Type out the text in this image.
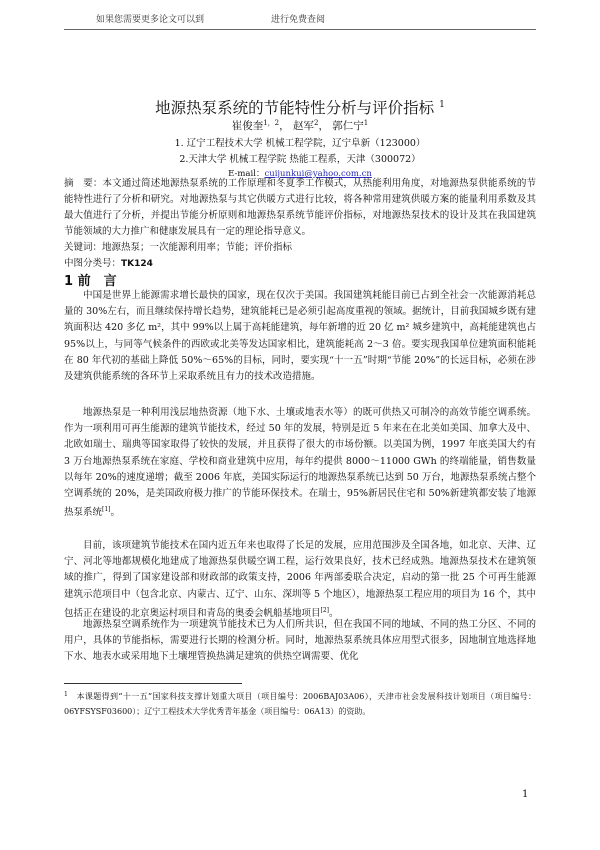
如果您需要更多论文可以到	进行免费查阅
地源热泵系统的节能特性分析与评价指标 $^1$
崔俊奎$^{1,2}$， 赵军$^2$， 郭仁宁$^1$
1. 辽宁工程技术大学 机械工程学院，辽宁阜新（123000）
2.天津大学 机械工程学院 热能工程系，天津（300072）
E-mail：cuijunkui@yahoo.com.cn
摘　要：本文通过简述地源热泵系统的工作原理和冬夏季工作模式，从热能利用角度，对地源热泵供能系统的节能特性进行了分析和研究。对地源热泵与其它供暖方式进行比较，将各种常用建筑供暖方案的能量利用系数及其最大值进行了分析，并提出节能分析原则和地源热泵系统节能评价指标，对地源热泵技术的设计及其在我国建筑节能领域的大力推广和健康发展具有一定的理论指导意义。
关键词：地源热泵；一次能源利用率；节能；评价指标
中图分类号：TK124
1 前　言
中国是世界上能源需求增长最快的国家，现在仅次于美国。我国建筑耗能目前已占到全社会一次能源消耗总量的 30%左右，而且继续保持增长趋势，建筑能耗已是必须引起高度重视的领域。据统计，目前我国城乡既有建筑面积达 420 多亿 m²，其中 99%以上属于高耗能建筑，每年新增的近 20 亿 m² 城乡建筑中，高耗能建筑也占 95%以上，与同等气候条件的西欧或北美等发达国家相比，建筑能耗高 2～3 倍。要实现我国单位建筑面积能耗在 80 年代初的基础上降低 50%～65%的目标，同时，要实现“十一五”时期“节能 20%”的长远目标，必须在涉及建筑供能系统的各环节上采取系统且有力的技术改造措施。
地源热泵是一种利用浅层地热资源（地下水、土壤或地表水等）的既可供热又可制冷的高效节能空调系统。作为一项利用可再生能源的建筑节能技术，经过 50 年的发展，特别是近 5 年来在在北美如美国、加拿大及中、北欧如瑞士、瑞典等国家取得了较快的发展，并且获得了很大的市场份额。以美国为例，1997 年底美国大约有 3 万台地源热泵系统在家庭、学校和商业建筑中应用，每年约提供 8000～11000 GWh 的终端能量，销售数量以每年 20%的速度递增；截至 2006 年底，美国实际运行的地源热泵系统已达到 50 万台，地源热泵系统占整个空调系统的 20%，是美国政府极力推广的节能环保技术。在瑞士，95%新居民住宅和 50%新建筑都安装了地源热泵系统[1]。
目前，该项建筑节能技术在国内近五年来也取得了长足的发展，应用范围涉及全国各地，如北京、天津、辽宁、河北等地都规模化地建成了地源热泵供暖空调工程，运行效果良好，技术已经成熟。地源热泵技术在建筑领域的推广，得到了国家建设部和财政部的政策支持，2006 年两部委联合决定，启动的第一批 25 个可再生能源建筑示范项目中（包含北京、内蒙古、辽宁、山东、深圳等 5 个地区），地源热泵工程应用的项目为 16 个，其中包括正在建设的北京奥运村项目和青岛的奥委会帆船基地项目[2]。
地源热泵空调系统作为一项建筑节能技术已为人们所共识，但在我国不同的地域、不同的热工分区、不同的用户，具体的节能指标，需要进行长期的检测分析。同时，地源热泵系统具体应用型式很多，因地制宜地选择地下水、地表水或采用地下土壤埋管换热满足建筑的供热空调需要、优化
$^1$　 本课题得到“十一五”国家科技支撑计划重大项目（项目编号：2006BAJ03A06），天津市社会发展科技计划项目（项目编号：06YFSYSF03600）；辽宁工程技术大学优秀青年基金（项目编号：06A13）的资助。
1
